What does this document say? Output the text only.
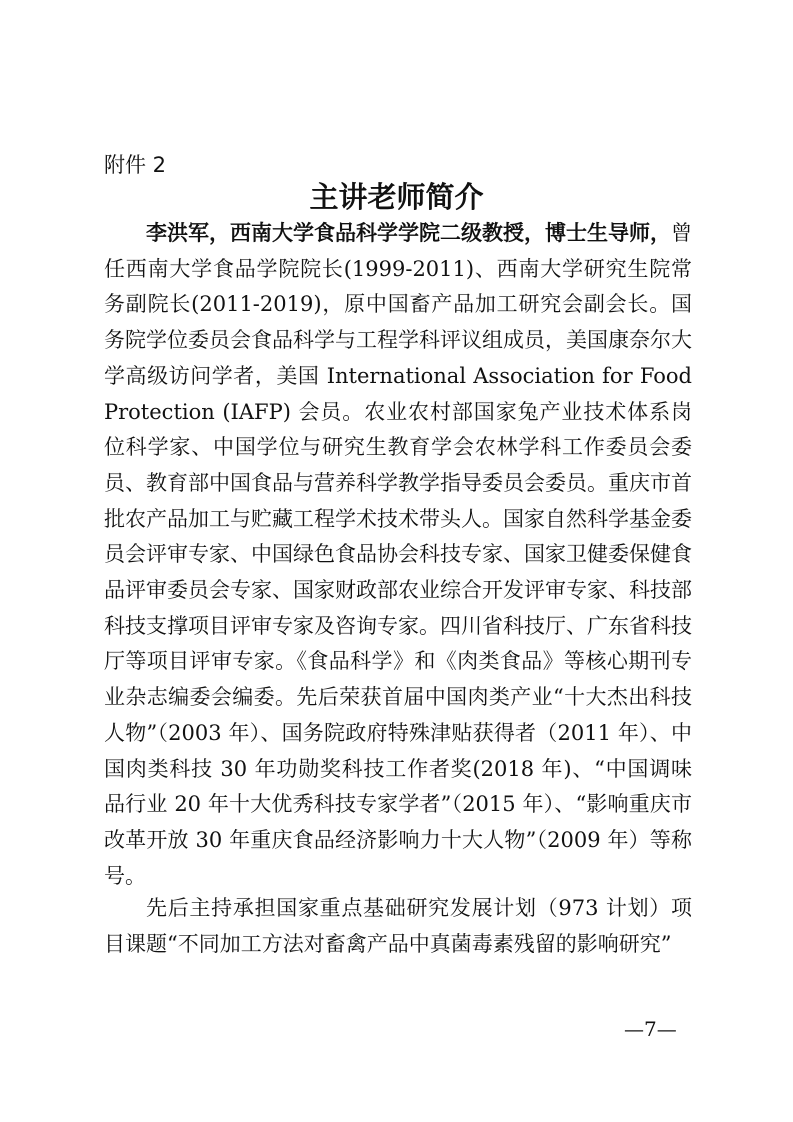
附件 2
主讲老师简介

李洪军，西南大学食品科学学院二级教授，博士生导师，曾任西南大学食品学院院长(1999-2011)、西南大学研究生院常务副院长(2011-2019)，原中国畜产品加工研究会副会长。国务院学位委员会食品科学与工程学科评议组成员，美国康奈尔大学高级访问学者，美国 International Association for Food Protection (IAFP) 会员。农业农村部国家兔产业技术体系岗位科学家、中国学位与研究生教育学会农林学科工作委员会委员、教育部中国食品与营养科学教学指导委员会委员。重庆市首批农产品加工与贮藏工程学术技术带头人。国家自然科学基金委员会评审专家、中国绿色食品协会科技专家、国家卫健委保健食品评审委员会专家、国家财政部农业综合开发评审专家、科技部科技支撑项目评审专家及咨询专家。四川省科技厅、广东省科技厅等项目评审专家。《食品科学》和《肉类食品》等核心期刊专业杂志编委会编委。先后荣获首届中国肉类产业“十大杰出科技人物”（2003 年）、国务院政府特殊津贴获得者（2011 年）、中国肉类科技 30 年功勋奖科技工作者奖(2018 年)、“中国调味品行业 20 年十大优秀科技专家学者”（2015 年）、“影响重庆市改革开放 30 年重庆食品经济影响力十大人物”（2009 年）等称号。

先后主持承担国家重点基础研究发展计划（973 计划）项目课题“不同加工方法对畜禽产品中真菌毒素残留的影响研究”

—7—
